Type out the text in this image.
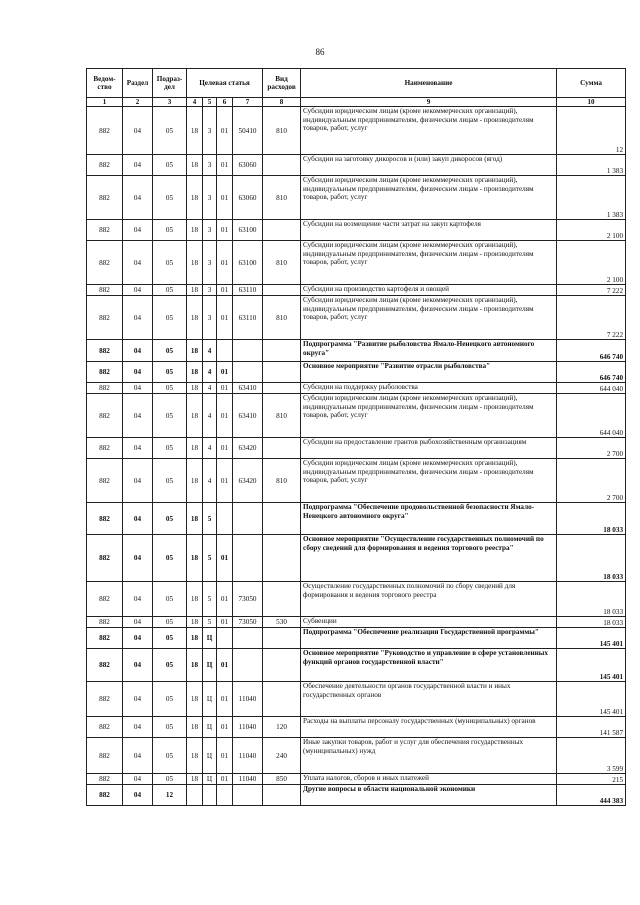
86
Ведом-ство	Раздел	Подраз-дел	Целевая статья				Вид расходов	Наименование	Сумма
1	2	3	4	5	6	7	8	9	10
882	04	05	18	3	01	50410	810	Субсидии юридическим лицам (кроме некоммерческих организаций), индивидуальным предпринимателям, физическим лицам - производителям товаров, работ, услуг	12
882	04	05	18	3	01	63060		Субсидии на заготовку дикоросов и (или) закуп дикоросов (ягод)	1 383
882	04	05	18	3	01	63060	810	Субсидии юридическим лицам (кроме некоммерческих организаций), индивидуальным предпринимателям, физическим лицам - производителям товаров, работ, услуг	1 383
882	04	05	18	3	01	63100		Субсидии на возмещение части затрат на закуп картофеля	2 100
882	04	05	18	3	01	63100	810	Субсидии юридическим лицам (кроме некоммерческих организаций), индивидуальным предпринимателям, физическим лицам - производителям товаров, работ, услуг	2 100
882	04	05	18	3	01	63110		Субсидии на производство картофеля и овощей	7 222
882	04	05	18	3	01	63110	810	Субсидии юридическим лицам (кроме некоммерческих организаций), индивидуальным предпринимателям, физическим лицам - производителям товаров, работ, услуг	7 222
882	04	05	18	4				Подпрограмма "Развитие рыболовства Ямало-Ненецкого автономного округа"	646 740
882	04	05	18	4	01			Основное мероприятие "Развитие отрасли рыболовства"	646 740
882	04	05	18	4	01	63410		Субсидии на поддержку рыболовства	644 040
882	04	05	18	4	01	63410	810	Субсидии юридическим лицам (кроме некоммерческих организаций), индивидуальным предпринимателям, физическим лицам - производителям товаров, работ, услуг	644 040
882	04	05	18	4	01	63420		Субсидии на предоставление грантов рыбохозяйственным организациям	2 700
882	04	05	18	4	01	63420	810	Субсидии юридическим лицам (кроме некоммерческих организаций), индивидуальным предпринимателям, физическим лицам - производителям товаров, работ, услуг	2 700
882	04	05	18	5				Подпрограмма "Обеспечение продовольственной безопасности Ямало-Ненецкого автономного округа"	18 033
882	04	05	18	5	01			Основное мероприятие "Осуществление государственных полномочий по сбору сведений для формирования и ведения торгового реестра"	18 033
882	04	05	18	5	01	73050		Осуществление государственных полномочий по сбору сведений для формирования и ведения торгового реестра	18 033
882	04	05	18	5	01	73050	530	Субвенции	18 033
882	04	05	18	Ц				Подпрограмма "Обеспечение реализации Государственной программы"	145 401
882	04	05	18	Ц	01			Основное мероприятие "Руководство и управление в сфере установленных функций органов государственной власти"	145 401
882	04	05	18	Ц	01	11040		Обеспечение деятельности органов государственной власти и иных государственных органов	145 401
882	04	05	18	Ц	01	11040	120	Расходы на выплаты персоналу государственных (муниципальных) органов	141 587
882	04	05	18	Ц	01	11040	240	Иные закупки товаров, работ и услуг для обеспечения государственных (муниципальных) нужд	3 599
882	04	05	18	Ц	01	11040	850	Уплата налогов, сборов и иных платежей	215
882	04	12						Другие вопросы в области национальной экономики	444 383
